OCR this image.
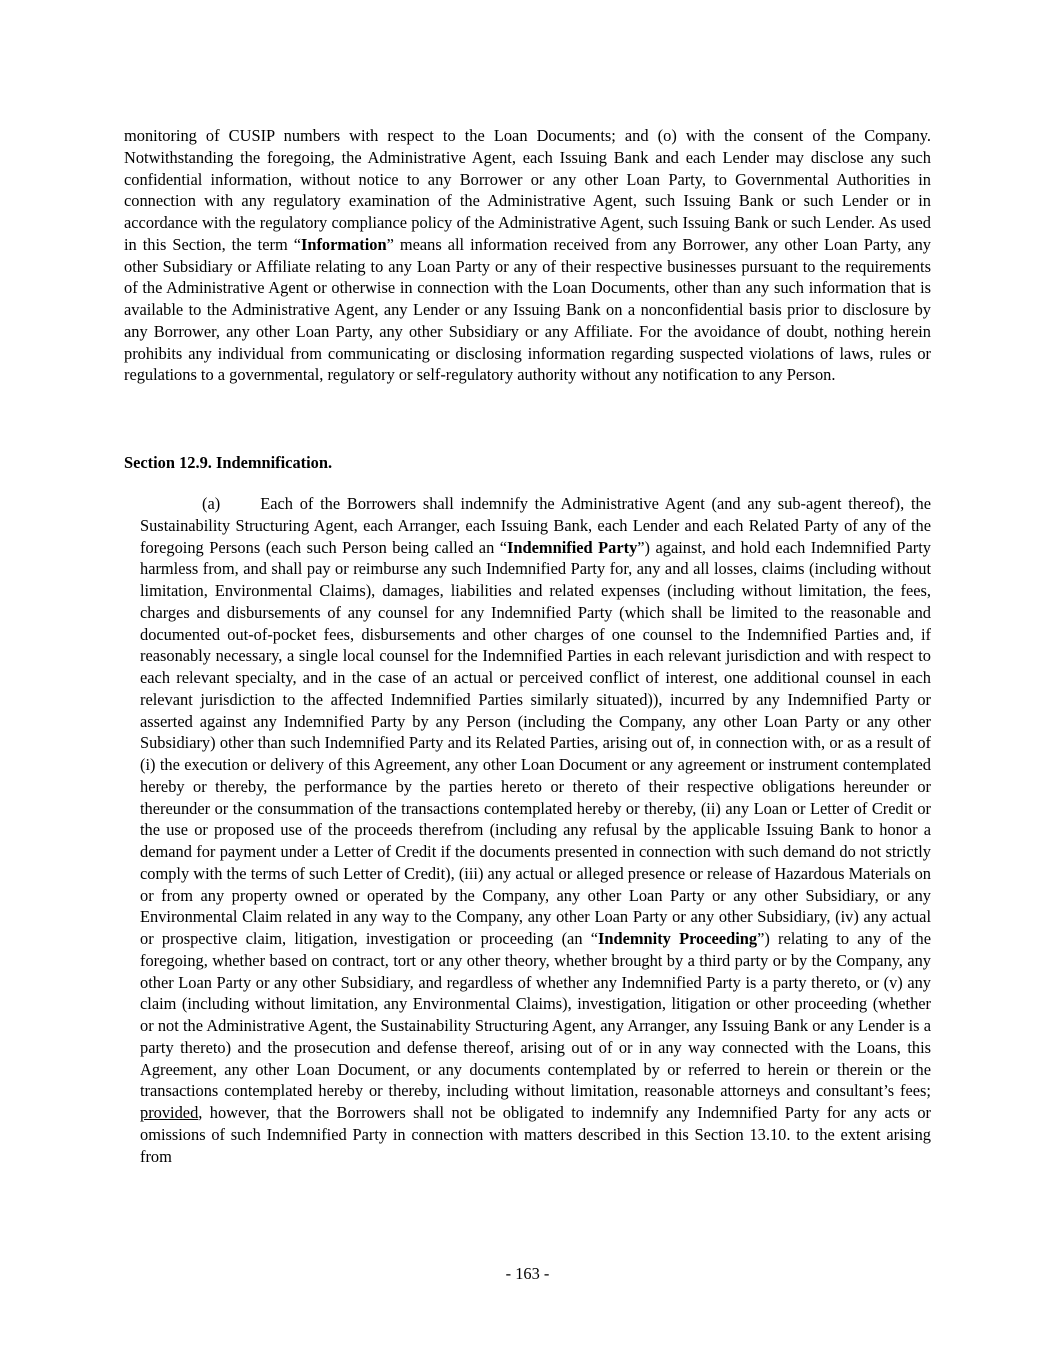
monitoring of CUSIP numbers with respect to the Loan Documents; and (o) with the consent of the Company. Notwithstanding the foregoing, the Administrative Agent, each Issuing Bank and each Lender may disclose any such confidential information, without notice to any Borrower or any other Loan Party, to Governmental Authorities in connection with any regulatory examination of the Administrative Agent, such Issuing Bank or such Lender or in accordance with the regulatory compliance policy of the Administrative Agent, such Issuing Bank or such Lender. As used in this Section, the term “Information” means all information received from any Borrower, any other Loan Party, any other Subsidiary or Affiliate relating to any Loan Party or any of their respective businesses pursuant to the requirements of the Administrative Agent or otherwise in connection with the Loan Documents, other than any such information that is available to the Administrative Agent, any Lender or any Issuing Bank on a nonconfidential basis prior to disclosure by any Borrower, any other Loan Party, any other Subsidiary or any Affiliate. For the avoidance of doubt, nothing herein prohibits any individual from communicating or disclosing information regarding suspected violations of laws, rules or regulations to a governmental, regulatory or self-regulatory authority without any notification to any Person.

Section 12.9. Indemnification.

(a) Each of the Borrowers shall indemnify the Administrative Agent (and any sub-agent thereof), the Sustainability Structuring Agent, each Arranger, each Issuing Bank, each Lender and each Related Party of any of the foregoing Persons (each such Person being called an “Indemnified Party”) against, and hold each Indemnified Party harmless from, and shall pay or reimburse any such Indemnified Party for, any and all losses, claims (including without limitation, Environmental Claims), damages, liabilities and related expenses (including without limitation, the fees, charges and disbursements of any counsel for any Indemnified Party (which shall be limited to the reasonable and documented out-of-pocket fees, disbursements and other charges of one counsel to the Indemnified Parties and, if reasonably necessary, a single local counsel for the Indemnified Parties in each relevant jurisdiction and with respect to each relevant specialty, and in the case of an actual or perceived conflict of interest, one additional counsel in each relevant jurisdiction to the affected Indemnified Parties similarly situated)), incurred by any Indemnified Party or asserted against any Indemnified Party by any Person (including the Company, any other Loan Party or any other Subsidiary) other than such Indemnified Party and its Related Parties, arising out of, in connection with, or as a result of (i) the execution or delivery of this Agreement, any other Loan Document or any agreement or instrument contemplated hereby or thereby, the performance by the parties hereto or thereto of their respective obligations hereunder or thereunder or the consummation of the transactions contemplated hereby or thereby, (ii) any Loan or Letter of Credit or the use or proposed use of the proceeds therefrom (including any refusal by the applicable Issuing Bank to honor a demand for payment under a Letter of Credit if the documents presented in connection with such demand do not strictly comply with the terms of such Letter of Credit), (iii) any actual or alleged presence or release of Hazardous Materials on or from any property owned or operated by the Company, any other Loan Party or any other Subsidiary, or any Environmental Claim related in any way to the Company, any other Loan Party or any other Subsidiary, (iv) any actual or prospective claim, litigation, investigation or proceeding (an “Indemnity Proceeding”) relating to any of the foregoing, whether based on contract, tort or any other theory, whether brought by a third party or by the Company, any other Loan Party or any other Subsidiary, and regardless of whether any Indemnified Party is a party thereto, or (v) any claim (including without limitation, any Environmental Claims), investigation, litigation or other proceeding (whether or not the Administrative Agent, the Sustainability Structuring Agent, any Arranger, any Issuing Bank or any Lender is a party thereto) and the prosecution and defense thereof, arising out of or in any way connected with the Loans, this Agreement, any other Loan Document, or any documents contemplated by or referred to herein or therein or the transactions contemplated hereby or thereby, including without limitation, reasonable attorneys and consultant’s fees; provided, however, that the Borrowers shall not be obligated to indemnify any Indemnified Party for any acts or omissions of such Indemnified Party in connection with matters described in this Section 13.10. to the extent arising from

- 163 -
